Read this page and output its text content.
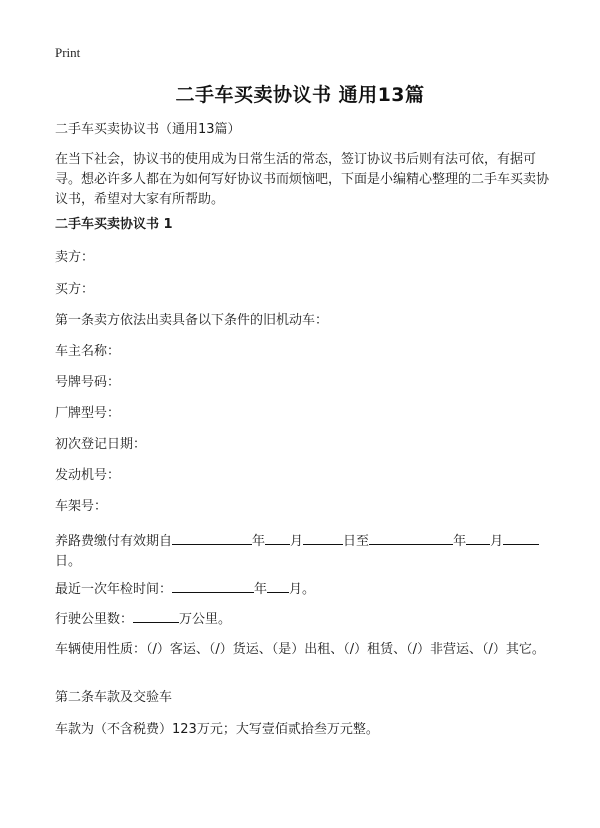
Print
二手车买卖协议书 通用13篇
二手车买卖协议书（通用13篇）
在当下社会，协议书的使用成为日常生活的常态，签订协议书后则有法可依，有据可寻。想必许多人都在为如何写好协议书而烦恼吧，下面是小编精心整理的二手车买卖协议书，希望对大家有所帮助。
二手车买卖协议书 1
卖方：
买方：
第一条卖方依法出卖具备以下条件的旧机动车：
车主名称：
号牌号码：
厂牌型号：
初次登记日期：
发动机号：
车架号：
养路费缴付有效期自	年 月	日至	年 月
日。
最近一次年检时间：	年 月。
行驶公里数：	万公里。
车辆使用性质：（/）客运、（/）货运、（是）出租、（/）租赁、（/）非营运、（/）其它。
第二条车款及交验车
车款为（不含税费）123万元；大写壹佰贰拾叁万元整。
